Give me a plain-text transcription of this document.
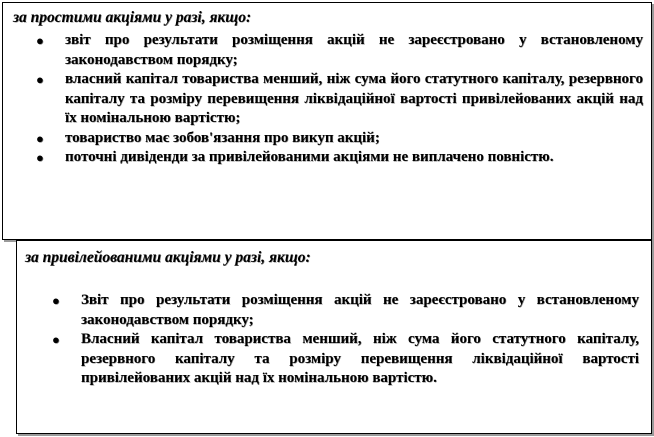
за простими акціями у разі, якщо:
● звіт про результати розміщення акцій не зареєстровано у встановленому законодавством порядку;
● власний капітал товариства менший, ніж сума його статутного капіталу, резервного капіталу та розміру перевищення ліквідаційної вартості привілейованих акцій над їх номінальною вартістю;
● товариство має зобов'язання про викуп акцій;
● поточні дивіденди за привілейованими акціями не виплачено повністю.
за привілейованими акціями у разі, якщо:
● Звіт про результати розміщення акцій не зареєстровано у встановленому законодавством порядку;
● Власний капітал товариства менший, ніж сума його статутного капіталу, резервного капіталу та розміру перевищення ліквідаційної вартості привілейованих акцій над їх номінальною вартістю.
